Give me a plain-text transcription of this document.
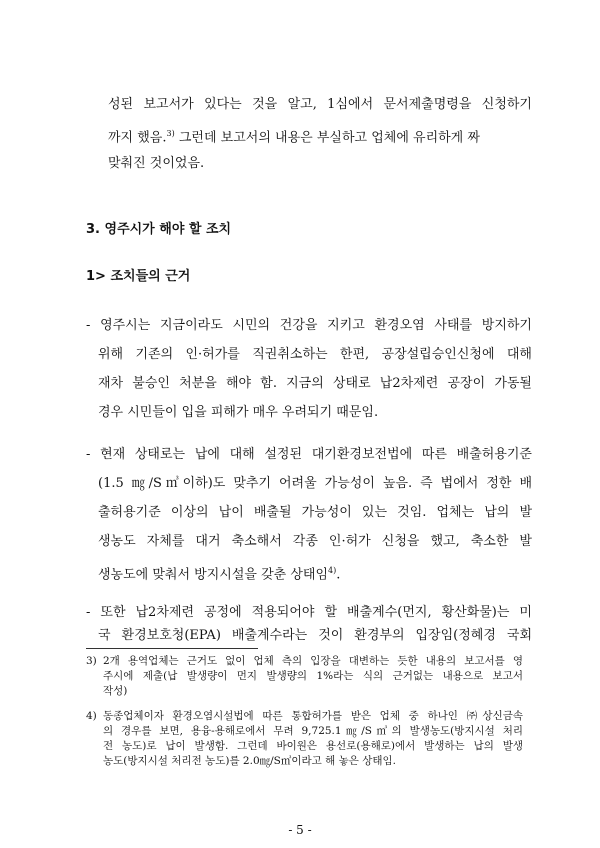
성된 보고서가 있다는 것을 알고, 1심에서 문서제출명령을 신청하기
까지 했음.$^{3)}$ 그런데 보고서의 내용은 부실하고 업체에 유리하게 짜
맞춰진 것이었음.
3. 영주시가 해야 할 조치
1> 조치들의 근거
- 영주시는 지금이라도 시민의 건강을 지키고 환경오염 사태를 방지하기
위해 기존의 인·허가를 직권취소하는 한편, 공장설립승인신청에 대해
재차 불승인 처분을 해야 함. 지금의 상태로 납2차제련 공장이 가동될
경우 시민들이 입을 피해가 매우 우려되기 때문임.
- 현재 상태로는 납에 대해 설정된 대기환경보전법에 따른 배출허용기준
(1.5 ㎎/S㎥이하)도 맞추기 어려울 가능성이 높음. 즉 법에서 정한 배
출허용기준 이상의 납이 배출될 가능성이 있는 것임. 업체는 납의 발
생농도 자체를 대거 축소해서 각종 인·허가 신청을 했고, 축소한 발
생농도에 맞춰서 방지시설을 갖춘 상태임$^{4)}$.
- 또한 납2차제련 공정에 적용되어야 할 배출계수(먼지, 황산화물)는 미
국 환경보호청(EPA) 배출계수라는 것이 환경부의 입장임(정혜경 국회
3) 2개 용역업체는 근거도 없이 업체 측의 입장을 대변하는 듯한 내용의 보고서를 영
주시에 제출(납 발생량이 먼지 발생량의 1%라는 식의 근거없는 내용으로 보고서
작성)
4) 동종업체이자 환경오염시설법에 따른 통합허가를 받은 업체 중 하나인 ㈜상신금속
의 경우를 보면, 용융-용해로에서 무려 9,725.1㎎/S㎥의 발생농도(방지시설 처리
전 농도)로 납이 발생함. 그런데 바이원은 용선로(용해로)에서 발생하는 납의 발생
농도(방지시설 처리전 농도)를 2.0㎎/S㎥이라고 해 놓은 상태임.
- 5 -
